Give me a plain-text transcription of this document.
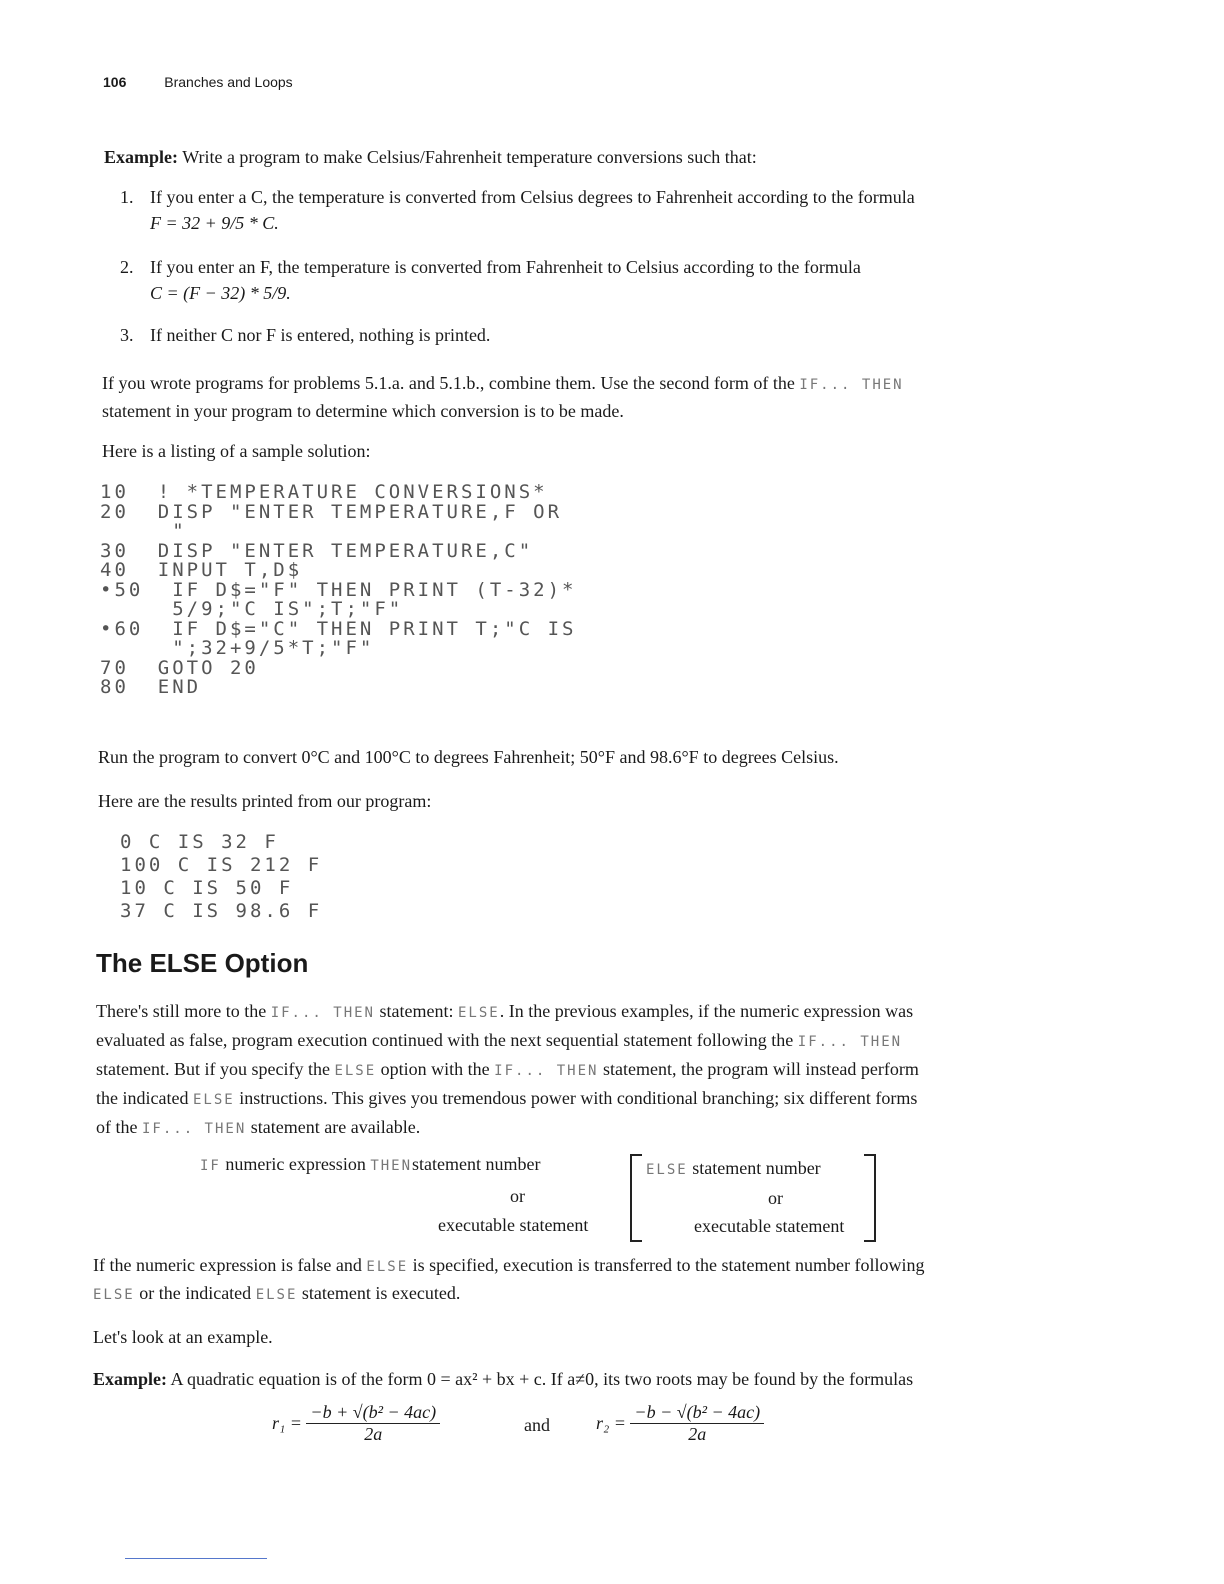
106	Branches and Loops
Example: Write a program to make Celsius/Fahrenheit temperature conversions such that:
1. If you enter a C, the temperature is converted from Celsius degrees to Fahrenheit according to the formula
F = 32 + 9/5 * C.
2. If you enter an F, the temperature is converted from Fahrenheit to Celsius according to the formula
C = (F − 32) * 5/9.
3. If neither C nor F is entered, nothing is printed.
If you wrote programs for problems 5.1.a. and 5.1.b., combine them. Use the second form of the IF... THEN
statement in your program to determine which conversion is to be made.
Here is a listing of a sample solution:
10  ! *TEMPERATURE CONVERSIONS*
20  DISP "ENTER TEMPERATURE,F OR
"
30  DISP "ENTER TEMPERATURE,C"
40  INPUT T,D$
•50  IF D$="F" THEN PRINT (T-32)*
5/9;"C IS";T;"F"
•60  IF D$="C" THEN PRINT T;"C IS
";32+9/5*T;"F"
70  GOTO 20
80  END
Run the program to convert 0°C and 100°C to degrees Fahrenheit; 50°F and 98.6°F to degrees Celsius.
Here are the results printed from our program:
0 C IS 32 F
100 C IS 212 F
10 C IS 50 F
37 C IS 98.6 F
The ELSE Option
There's still more to the IF... THEN statement: ELSE. In the previous examples, if the numeric expression was
evaluated as false, program execution continued with the next sequential statement following the IF... THEN
statement. But if you specify the ELSE option with the IF... THEN statement, the program will instead perform
the indicated ELSE instructions. This gives you tremendous power with conditional branching; six different forms
of the IF... THEN statement are available.
IF numeric expression THENstatement number
or
executable statement
ELSE statement number
or
executable statement
If the numeric expression is false and ELSE is specified, execution is transferred to the statement number following
ELSE or the indicated ELSE statement is executed.
Let's look at an example.
Example: A quadratic equation is of the form 0 = ax² + bx + c. If a≠0, its two roots may be found by the formulas
$r_1 = \frac{\text{−b + √(b² − 4ac)}}{2a}$	and	$r_2 = \frac{\text{−b − √(b² − 4ac)}}{2a}$
